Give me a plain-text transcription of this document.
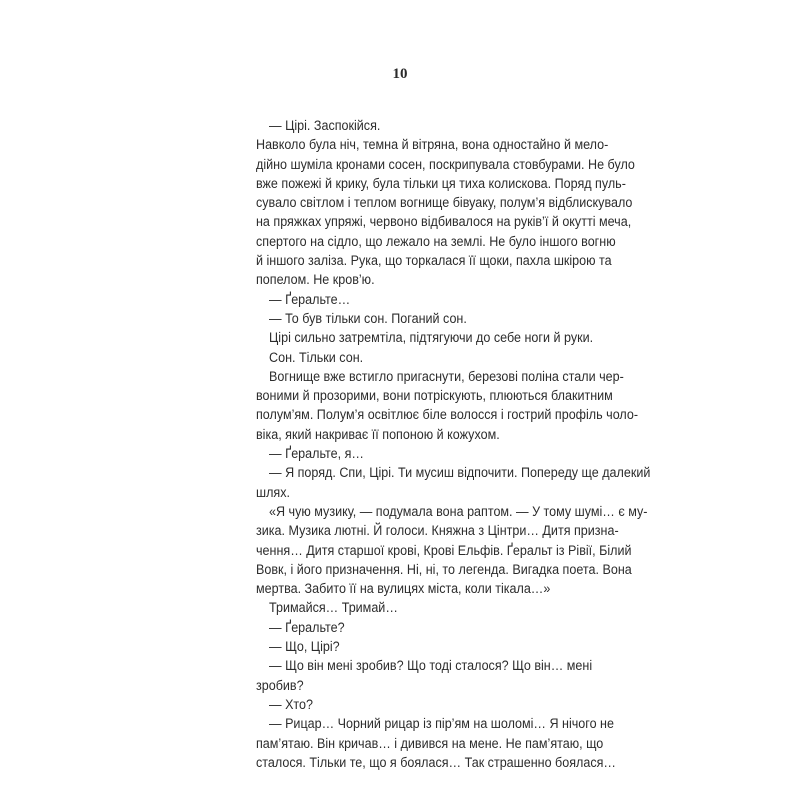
10
— Цірі. Заспокійся.
Навколо була ніч, темна й вітряна, вона одностайно й мело-
дійно шуміла кронами сосен, поскрипувала стовбурами. Не було
вже пожежі й крику, була тільки ця тиха колискова. Поряд пуль-
сувало світлом і теплом вогнище бівуаку, полум’я відблискувало
на пряжках упряжі, червоно відбивалося на руків’ї й окутті меча,
спертого на сідло, що лежало на землі. Не було іншого вогню
й іншого заліза. Рука, що торкалася її щоки, пахла шкірою та
попелом. Не кров’ю.
— Ґеральте…
— То був тільки сон. Поганий сон.
Цірі сильно затремтіла, підтягуючи до себе ноги й руки.
Сон. Тільки сон.
Вогнище вже встигло пригаснути, березові поліна стали чер-
воними й прозорими, вони потріскують, плюються блакитним
полум’ям. Полум’я освітлює біле волосся і гострий профіль чоло-
віка, який накриває її попоною й кожухом.
— Ґеральте, я…
— Я поряд. Спи, Цірі. Ти мусиш відпочити. Попереду ще далекий
шлях.
«Я чую музику, — подумала вона раптом. — У тому шумі… є му-
зика. Музика лютні. Й голоси. Княжна з Цінтри… Дитя призна-
чення… Дитя старшої крові, Крові Ельфів. Ґеральт із Рівії, Білий
Вовк, і його призначення. Ні, ні, то легенда. Вигадка поета. Вона
мертва. Забито її на вулицях міста, коли тікала…»
Тримайся… Тримай…
— Ґеральте?
— Що, Цірі?
— Що він мені зробив? Що тоді сталося? Що він… мені
зробив?
— Хто?
— Рицар… Чорний рицар із пір’ям на шоломі… Я нічого не
пам’ятаю. Він кричав… і дивився на мене. Не пам’ятаю, що
сталося. Тільки те, що я боялася… Так страшенно боялася…
